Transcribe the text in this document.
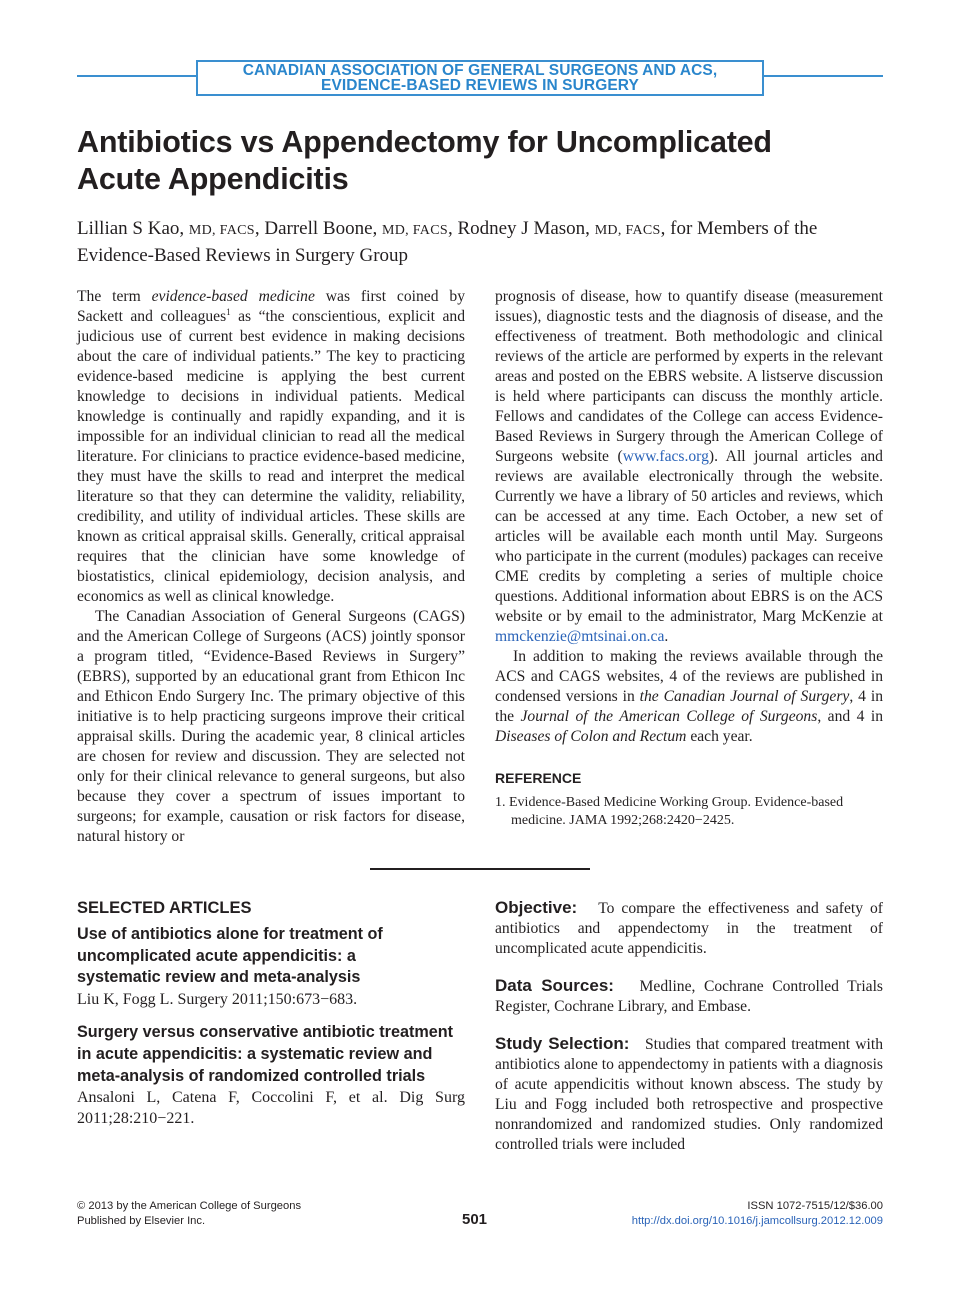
CANADIAN ASSOCIATION OF GENERAL SURGEONS AND ACS,
EVIDENCE-BASED REVIEWS IN SURGERY
Antibiotics vs Appendectomy for Uncomplicated
Acute Appendicitis
Lillian S Kao, MD, FACS, Darrell Boone, MD, FACS, Rodney J Mason, MD, FACS, for Members of the Evidence-Based Reviews in Surgery Group

The term evidence-based medicine was first coined by Sackett and colleagues$^1$ as “the conscientious, explicit and judicious use of current best evidence in making decisions about the care of individual patients.” The key to practicing evidence-based medicine is applying the best current knowledge to decisions in individual patients. Medical knowledge is continually and rapidly expanding, and it is impossible for an individual clinician to read all the medical literature. For clinicians to practice evidence-based medicine, they must have the skills to read and interpret the medical literature so that they can determine the validity, reliability, credibility, and utility of individual articles. These skills are known as critical appraisal skills. Generally, critical appraisal requires that the clinician have some knowledge of biostatistics, clinical epidemiology, decision analysis, and economics as well as clinical knowledge.

The Canadian Association of General Surgeons (CAGS) and the American College of Surgeons (ACS) jointly sponsor a program titled, “Evidence-Based Reviews in Surgery” (EBRS), supported by an educational grant from Ethicon Inc and Ethicon Endo Surgery Inc. The primary objective of this initiative is to help practicing surgeons improve their critical appraisal skills. During the academic year, 8 clinical articles are chosen for review and discussion. They are selected not only for their clinical relevance to general surgeons, but also because they cover a spectrum of issues important to surgeons; for example, causation or risk factors for disease, natural history or

prognosis of disease, how to quantify disease (measurement issues), diagnostic tests and the diagnosis of disease, and the effectiveness of treatment. Both methodologic and clinical reviews of the article are performed by experts in the relevant areas and posted on the EBRS website. A listserve discussion is held where participants can discuss the monthly article. Fellows and candidates of the College can access Evidence-Based Reviews in Surgery through the American College of Surgeons website (www.facs.org). All journal articles and reviews are available electronically through the website. Currently we have a library of 50 articles and reviews, which can be accessed at any time. Each October, a new set of articles will be available each month until May. Surgeons who participate in the current (modules) packages can receive CME credits by completing a series of multiple choice questions. Additional information about EBRS is on the ACS website or by email to the administrator, Marg McKenzie at mmckenzie@mtsinai.on.ca.

In addition to making the reviews available through the ACS and CAGS websites, 4 of the reviews are published in condensed versions in the Canadian Journal of Surgery, 4 in the Journal of the American College of Surgeons, and 4 in Diseases of Colon and Rectum each year.

REFERENCE
1. Evidence-Based Medicine Working Group. Evidence-based medicine. JAMA 1992;268:2420−2425.
SELECTED ARTICLES
Use of antibiotics alone for treatment of uncomplicated acute appendicitis: a systematic review and meta-analysis
Liu K, Fogg L. Surgery 2011;150:673−683.
Surgery versus conservative antibiotic treatment in acute appendicitis: a systematic review and meta-analysis of randomized controlled trials
Ansaloni L, Catena F, Coccolini F, et al. Dig Surg 2011;28:210−221.

Objective: To compare the effectiveness and safety of antibiotics and appendectomy in the treatment of uncomplicated acute appendicitis.

Data Sources: Medline, Cochrane Controlled Trials Register, Cochrane Library, and Embase.

Study Selection: Studies that compared treatment with antibiotics alone to appendectomy in patients with a diagnosis of acute appendicitis without known abscess. The study by Liu and Fogg included both retrospective and prospective nonrandomized and randomized studies. Only randomized controlled trials were included

© 2013 by the American College of Surgeons
Published by Elsevier Inc.	501
ISSN 1072-7515/12/$36.00
http://dx.doi.org/10.1016/j.jamcollsurg.2012.12.009
